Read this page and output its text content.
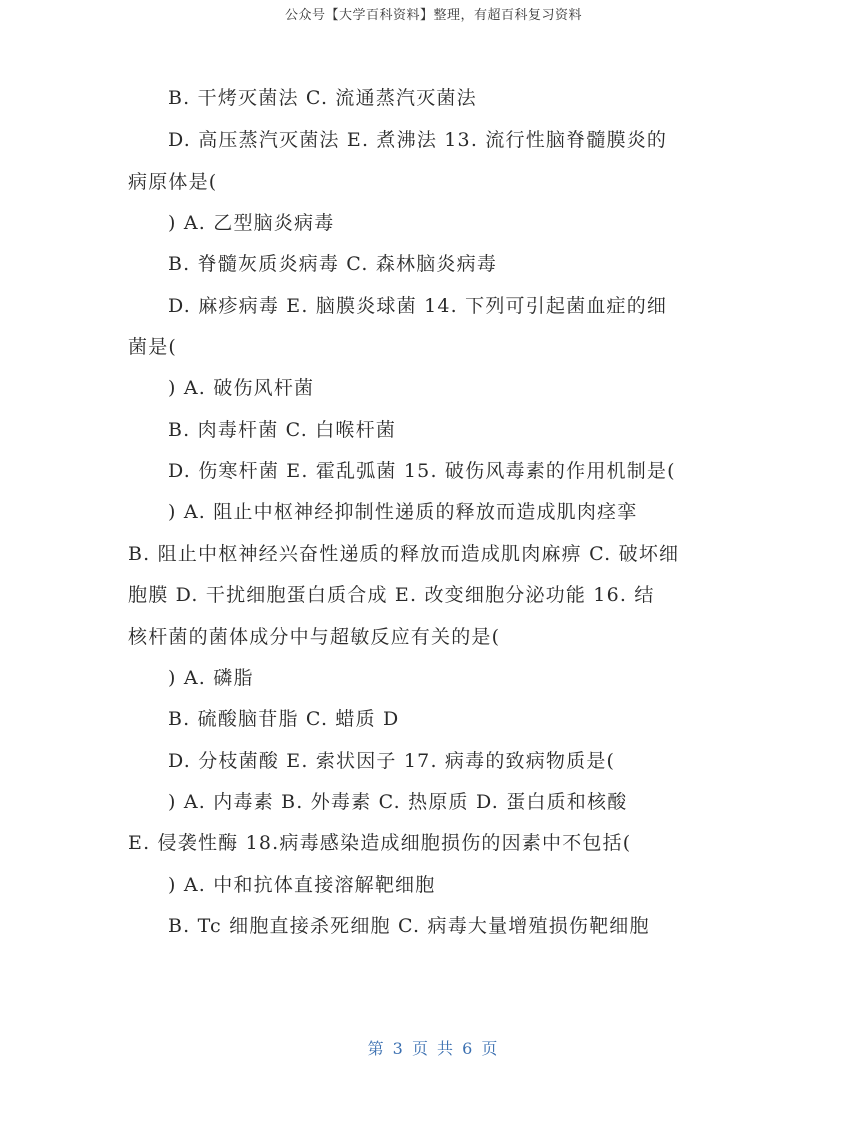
公众号【大学百科资料】整理，有超百科复习资料
B. 干烤灭菌法 C. 流通蒸汽灭菌法
D. 高压蒸汽灭菌法 E. 煮沸法 13. 流行性脑脊髓膜炎的
病原体是(
) A. 乙型脑炎病毒
B. 脊髓灰质炎病毒 C. 森林脑炎病毒
D. 麻疹病毒 E. 脑膜炎球菌 14. 下列可引起菌血症的细
菌是(
) A. 破伤风杆菌
B. 肉毒杆菌 C. 白喉杆菌
D. 伤寒杆菌 E. 霍乱弧菌 15. 破伤风毒素的作用机制是(
) A. 阻止中枢神经抑制性递质的释放而造成肌肉痉挛
B. 阻止中枢神经兴奋性递质的释放而造成肌肉麻痹 C. 破坏细
胞膜 D. 干扰细胞蛋白质合成 E. 改变细胞分泌功能 16. 结
核杆菌的菌体成分中与超敏反应有关的是(
) A. 磷脂
B. 硫酸脑苷脂 C. 蜡质 D
D. 分枝菌酸 E. 索状因子 17. 病毒的致病物质是(
) A. 内毒素 B. 外毒素 C. 热原质 D. 蛋白质和核酸
E. 侵袭性酶 18.病毒感染造成细胞损伤的因素中不包括(
) A. 中和抗体直接溶解靶细胞
B. Tc 细胞直接杀死细胞 C. 病毒大量增殖损伤靶细胞
第 3 页 共 6 页
